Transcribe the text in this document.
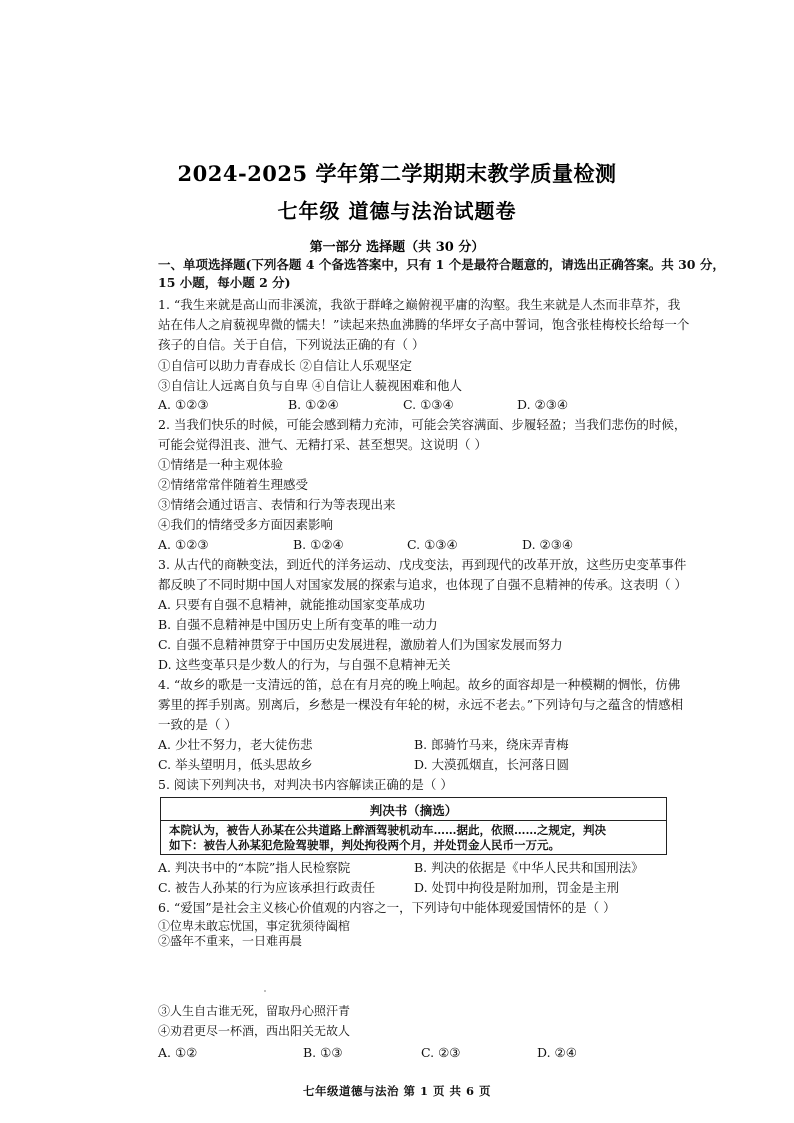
2024-2025 学年第二学期期末教学质量检测
七年级 道德与法治试题卷
第一部分 选择题（共 30 分）
一、单项选择题(下列各题 4 个备选答案中，只有 1 个是最符合题意的，请选出正确答案。共 30 分，
15 小题，每小题 2 分)
1. “我生来就是高山而非溪流，我欲于群峰之巅俯视平庸的沟壑。我生来就是人杰而非草芥，我
站在伟人之肩藐视卑微的懦夫！”读起来热血沸腾的华坪女子高中誓词，饱含张桂梅校长给每一个
孩子的自信。关于自信，下列说法正确的有（ ）
①自信可以助力青春成长 ②自信让人乐观坚定
③自信让人远离自负与自卑 ④自信让人藐视困难和他人
A. ①②③	B. ①②④	C. ①③④	D. ②③④
2. 当我们快乐的时候，可能会感到精力充沛，可能会笑容满面、步履轻盈；当我们悲伤的时候，
可能会觉得沮丧、泄气、无精打采、甚至想哭。这说明（ ）
①情绪是一种主观体验
②情绪常常伴随着生理感受
③情绪会通过语言、表情和行为等表现出来
④我们的情绪受多方面因素影响
A. ①②③	B. ①②④	C. ①③④	D. ②③④
3. 从古代的商鞅变法，到近代的洋务运动、戊戌变法，再到现代的改革开放，这些历史变革事件
都反映了不同时期中国人对国家发展的探索与追求，也体现了自强不息精神的传承。这表明（ ）
A. 只要有自强不息精神，就能推动国家变革成功
B. 自强不息精神是中国历史上所有变革的唯一动力
C. 自强不息精神贯穿于中国历史发展进程，激励着人们为国家发展而努力
D. 这些变革只是少数人的行为，与自强不息精神无关
4. “故乡的歌是一支清远的笛，总在有月亮的晚上响起。故乡的面容却是一种模糊的惆怅，仿佛
雾里的挥手别离。别离后，乡愁是一棵没有年轮的树，永远不老去。”下列诗句与之蕴含的情感相
一致的是（ ）
A. 少壮不努力，老大徒伤悲	B. 郎骑竹马来，绕床弄青梅
C. 举头望明月，低头思故乡	D. 大漠孤烟直，长河落日圆
5. 阅读下列判决书，对判决书内容解读正确的是（ ）
判决书（摘选）
本院认为，被告人孙某在公共道路上醉酒驾驶机动车……据此，依照……之规定，判决
如下：被告人孙某犯危险驾驶罪，判处拘役两个月，并处罚金人民币一万元。
A. 判决书中的“本院”指人民检察院	B. 判决的依据是《中华人民共和国刑法》
C. 被告人孙某的行为应该承担行政责任	D. 处罚中拘役是附加刑，罚金是主刑
6. “爱国”是社会主义核心价值观的内容之一，下列诗句中能体现爱国情怀的是（ ）
①位卑未敢忘忧国，事定犹须待阖棺
②盛年不重来，一日难再晨
七年级道德与法治 第 1 页 共 6 页
③人生自古谁无死，留取丹心照汗青
④劝君更尽一杯酒，西出阳关无故人
A. ①②	B. ①③	C. ②③	D. ②④
